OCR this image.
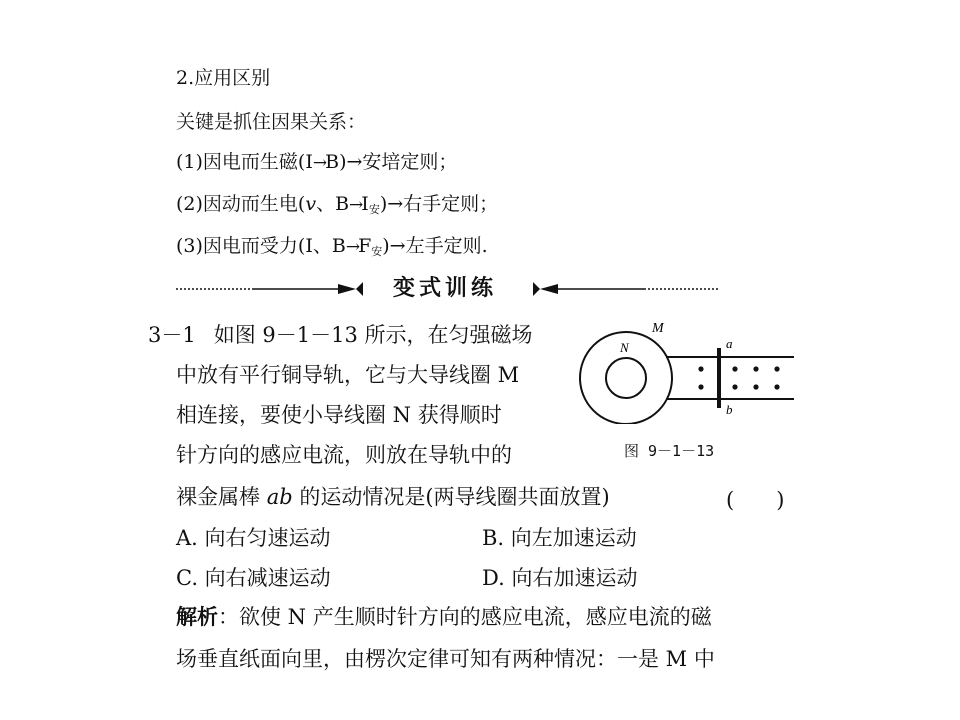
2.应用区别
关键是抓住因果关系：
(1)因电而生磁(I→B)→安培定则；
(2)因动而生电(v、$B\to I_安)\to$右手定则；
(3)因电而受力(I、$B\to F_安)\to$左手定则.
变式训练
3－1 如图 9－1－13 所示，在匀强磁场
中放有平行铜导轨，它与大导线圈 M
相连接，要使小导线圈 N 获得顺时
针方向的感应电流，则放在导轨中的
裸金属棒 ab 的运动情况是(两导线圈共面放置)	(　　)
A. 向右匀速运动	B. 向左加速运动
C. 向右减速运动	D. 向右加速运动
M
N	a
b
图 9－1－13
解析：欲使 N 产生顺时针方向的感应电流，感应电流的磁
场垂直纸面向里，由楞次定律可知有两种情况：一是 M 中
